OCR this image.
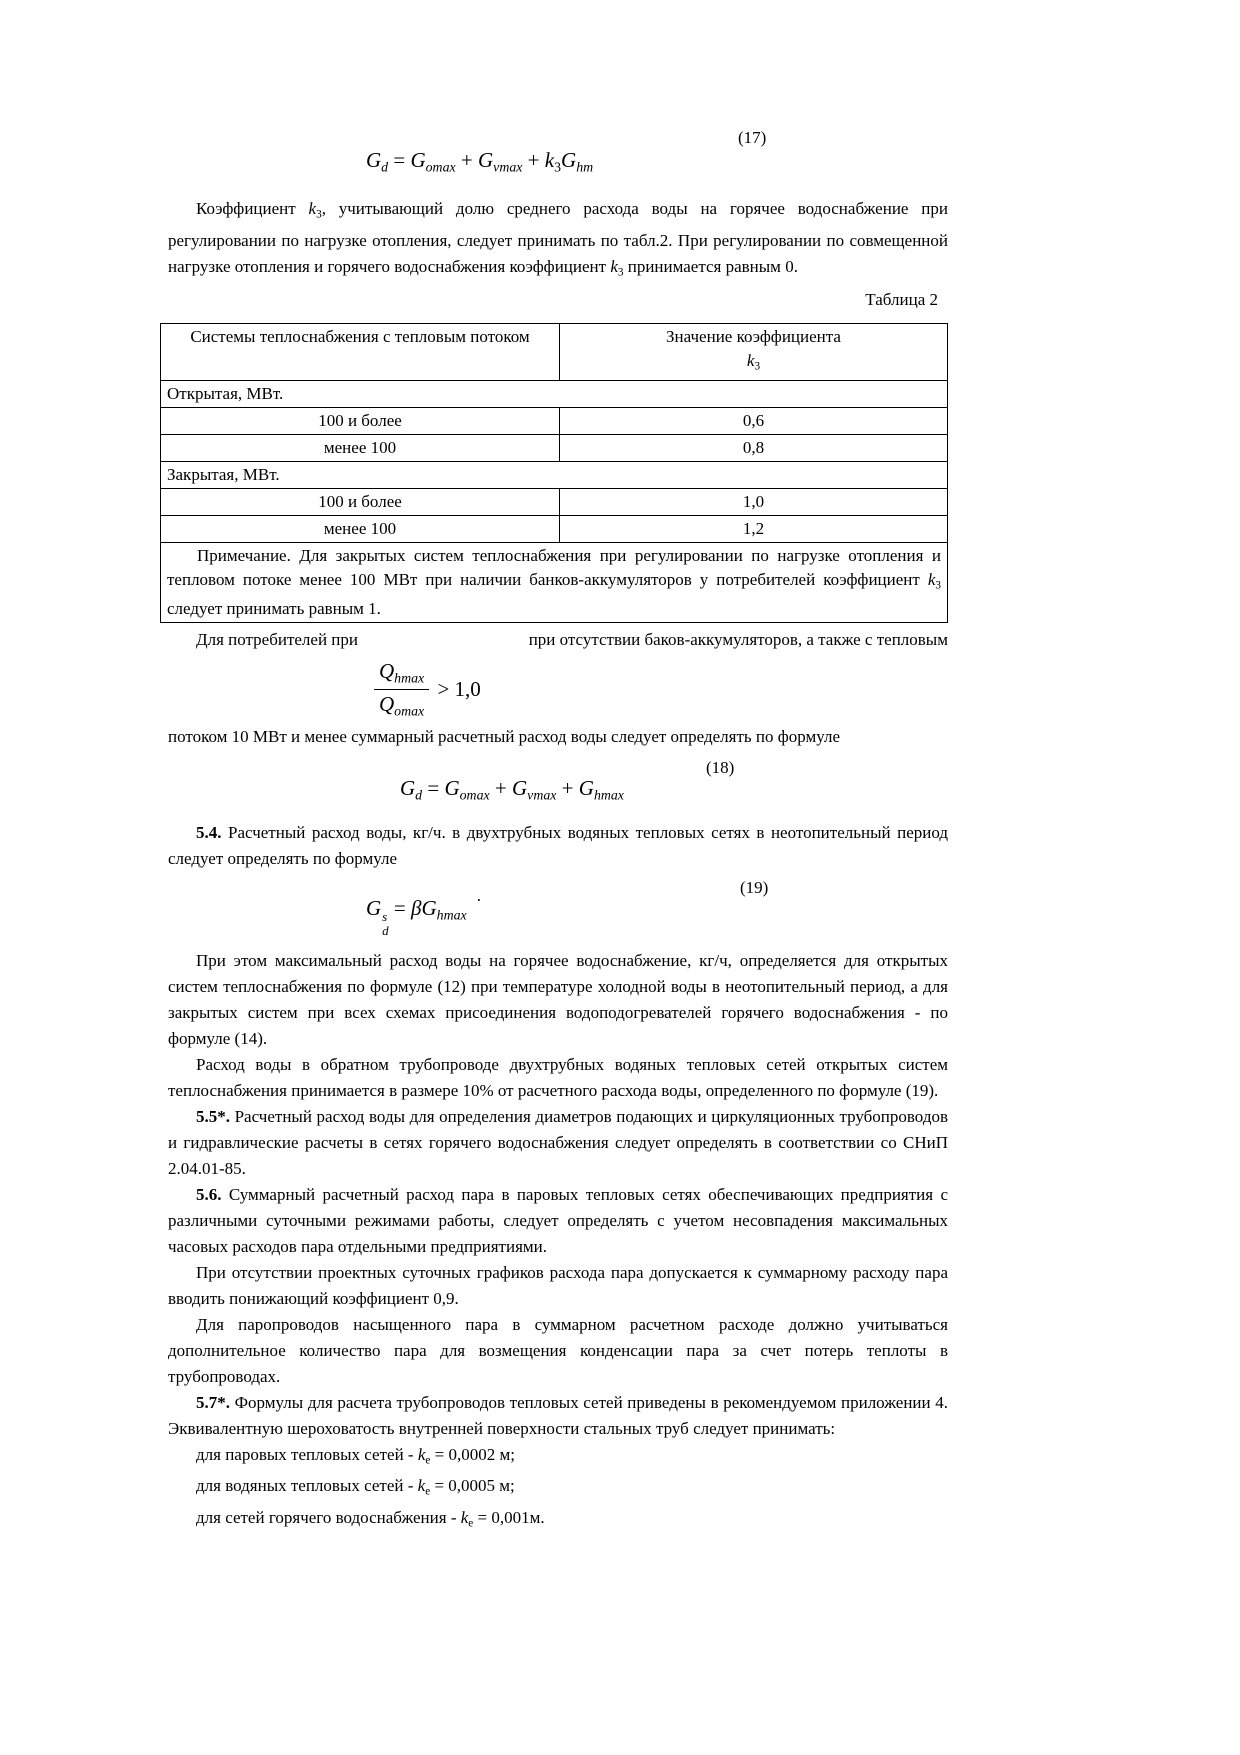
(17)
$G_d = G_{omax} + G_{vmax} + k_3G_{hm}$

Коэффициент $k_3$, учитывающий долю среднего расхода воды на горячее водоснабжение при регулировании по нагрузке отопления, следует принимать по табл.2. При регулировании по совмещенной нагрузке отопления и горячего водоснабжения коэффициент $k_3$ принимается равным 0.

Таблица 2
Системы теплоснабжения с тепловым потоком	Значение коэффициента
$k_3$

Открытая, МВт.	
100 и более	0,6
менее 100	0,8
Закрытая, МВт.	
100 и более	1,0
менее 100	1,2
Примечание. Для закрытых систем теплоснабжения при регулировании по нагрузке отопления и тепловом потоке менее 100 МВт при наличии банков-аккумуляторов у потребителей коэффициент $k_3$ следует принимать равным 1.	
Для потребителей при	при отсутствии баков-аккумуляторов, а также с тепловым
$\frac{Q_{hmax}}{Q_{omax}} > 1,0$
потоком 10 МВт и менее суммарный расчетный расход воды следует определять по формуле
(18)
$G_d = G_{omax} + G_{vmax} + G_{hmax}$

5.4. Расчетный расход воды, кг/ч. в двухтрубных водяных тепловых сетях в неотопительный период следует определять по формуле

(19)
G s
d
= $\beta G_{hmax}$.

При этом максимальный расход воды на горячее водоснабжение, кг/ч, определяется для открытых систем теплоснабжения по формуле (12) при температуре холодной воды в неотопительный период, а для закрытых систем при всех схемах присоединения водоподогревателей горячего водоснабжения - по формуле (14).

Расход воды в обратном трубопроводе двухтрубных водяных тепловых сетей открытых систем теплоснабжения принимается в размере 10% от расчетного расхода воды, определенного по формуле (19).

5.5*. Расчетный расход воды для определения диаметров подающих и циркуляционных трубопроводов и гидравлические расчеты в сетях горячего водоснабжения следует определять в соответствии со СНиП 2.04.01-85.

5.6. Суммарный расчетный расход пара в паровых тепловых сетях обеспечивающих предприятия с различными суточными режимами работы, следует определять с учетом несовпадения максимальных часовых расходов пара отдельными предприятиями.

При отсутствии проектных суточных графиков расхода пара допускается к суммарному расходу пара вводить понижающий коэффициент 0,9.

Для паропроводов насыщенного пара в суммарном расчетном расходе должно учитываться дополнительное количество пара для возмещения конденсации пара за счет потерь теплоты в трубопроводах.

5.7*. Формулы для расчета трубопроводов тепловых сетей приведены в рекомендуемом приложении 4. Эквивалентную шероховатость внутренней поверхности стальных труб следует принимать:

для паровых тепловых сетей - $k_e = 0,0002$ м;
для водяных тепловых сетей - $k_e = 0,0005$ м;
для сетей горячего водоснабжения - $k_e = 0,001м$.
